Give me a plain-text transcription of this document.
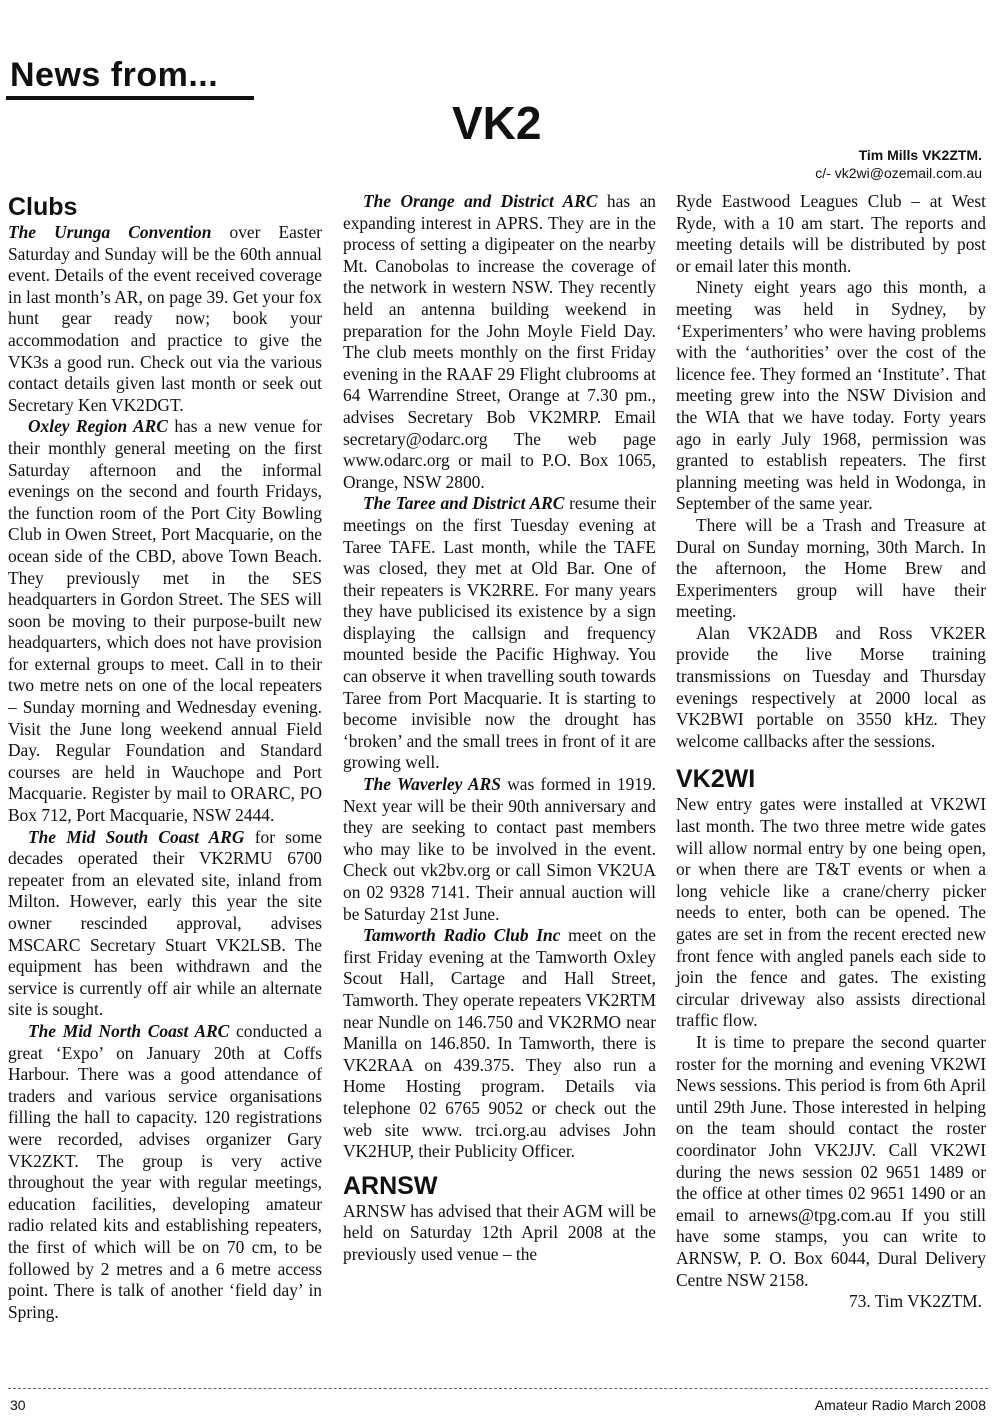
News from...
VK2
Tim Mills VK2ZTM.
c/- vk2wi@ozemail.com.au
Clubs

The Urunga Convention over Easter Saturday and Sunday will be the 60th annual event. Details of the event received coverage in last month’s AR, on page 39. Get your fox hunt gear ready now; book your accommodation and practice to give the VK3s a good run. Check out via the various contact details given last month or seek out Secretary Ken VK2DGT.

Oxley Region ARC has a new venue for their monthly general meeting on the first Saturday afternoon and the informal evenings on the second and fourth Fridays, the function room of the Port City Bowling Club in Owen Street, Port Macquarie, on the ocean side of the CBD, above Town Beach. They previously met in the SES headquarters in Gordon Street. The SES will soon be moving to their purpose-built new headquarters, which does not have provision for external groups to meet. Call in to their two metre nets on one of the local repeaters – Sunday morning and Wednesday evening. Visit the June long weekend annual Field Day. Regular Foundation and Standard courses are held in Wauchope and Port Macquarie. Register by mail to ORARC, PO Box 712, Port Macquarie, NSW 2444.

The Mid South Coast ARG for some decades operated their VK2RMU 6700 repeater from an elevated site, inland from Milton. However, early this year the site owner rescinded approval, advises MSCARC Secretary Stuart VK2LSB. The equipment has been withdrawn and the service is currently off air while an alternate site is sought.

The Mid North Coast ARC conducted a great ‘Expo’ on January 20th at Coffs Harbour. There was a good attendance of traders and various service organisations filling the hall to capacity. 120 registrations were recorded, advises organizer Gary VK2ZKT. The group is very active throughout the year with regular meetings, education facilities, developing amateur radio related kits and establishing repeaters, the first of which will be on 70 cm, to be followed by 2 metres and a 6 metre access point. There is talk of another ‘field day’ in Spring.

The Orange and District ARC has an expanding interest in APRS. They are in the process of setting a digipeater on the nearby Mt. Canobolas to increase the coverage of the network in western NSW. They recently held an antenna building weekend in preparation for the John Moyle Field Day. The club meets monthly on the first Friday evening in the RAAF 29 Flight clubrooms at 64 Warrendine Street, Orange at 7.30 pm., advises Secretary Bob VK2MRP. Email secretary@odarc.org The web page www.odarc.org or mail to P.O. Box 1065, Orange, NSW 2800.

The Taree and District ARC resume their meetings on the first Tuesday evening at Taree TAFE. Last month, while the TAFE was closed, they met at Old Bar. One of their repeaters is VK2RRE. For many years they have publicised its existence by a sign displaying the callsign and frequency mounted beside the Pacific Highway. You can observe it when travelling south towards Taree from Port Macquarie. It is starting to become invisible now the drought has ‘broken’ and the small trees in front of it are growing well.

The Waverley ARS was formed in 1919. Next year will be their 90th anniversary and they are seeking to contact past members who may like to be involved in the event. Check out vk2bv.org or call Simon VK2UA on 02 9328 7141. Their annual auction will be Saturday 21st June.

Tamworth Radio Club Inc meet on the first Friday evening at the Tamworth Oxley Scout Hall, Cartage and Hall Street, Tamworth. They operate repeaters VK2RTM near Nundle on 146.750 and VK2RMO near Manilla on 146.850. In Tamworth, there is VK2RAA on 439.375. They also run a Home Hosting program. Details via telephone 02 6765 9052 or check out the web site www. trci.org.au advises John VK2HUP, their Publicity Officer.

ARNSW

ARNSW has advised that their AGM will be held on Saturday 12th April 2008 at the previously used venue – the

Ryde Eastwood Leagues Club – at West Ryde, with a 10 am start. The reports and meeting details will be distributed by post or email later this month.

Ninety eight years ago this month, a meeting was held in Sydney, by ‘Experimenters’ who were having problems with the ‘authorities’ over the cost of the licence fee. They formed an ‘Institute’. That meeting grew into the NSW Division and the WIA that we have today. Forty years ago in early July 1968, permission was granted to establish repeaters. The first planning meeting was held in Wodonga, in September of the same year.

There will be a Trash and Treasure at Dural on Sunday morning, 30th March. In the afternoon, the Home Brew and Experimenters group will have their meeting.

Alan VK2ADB and Ross VK2ER provide the live Morse training transmissions on Tuesday and Thursday evenings respectively at 2000 local as VK2BWI portable on 3550 kHz. They welcome callbacks after the sessions.

VK2WI

New entry gates were installed at VK2WI last month. The two three metre wide gates will allow normal entry by one being open, or when there are T&T events or when a long vehicle like a crane/cherry picker needs to enter, both can be opened. The gates are set in from the recent erected new front fence with angled panels each side to join the fence and gates. The existing circular driveway also assists directional traffic flow.

It is time to prepare the second quarter roster for the morning and evening VK2WI News sessions. This period is from 6th April until 29th June. Those interested in helping on the team should contact the roster coordinator John VK2JJV. Call VK2WI during the news session 02 9651 1489 or the office at other times 02 9651 1490 or an email to arnews@tpg.com.au If you still have some stamps, you can write to ARNSW, P. O. Box 6044, Dural Delivery Centre NSW 2158.

73. Tim VK2ZTM.

30	Amateur Radio March 2008
